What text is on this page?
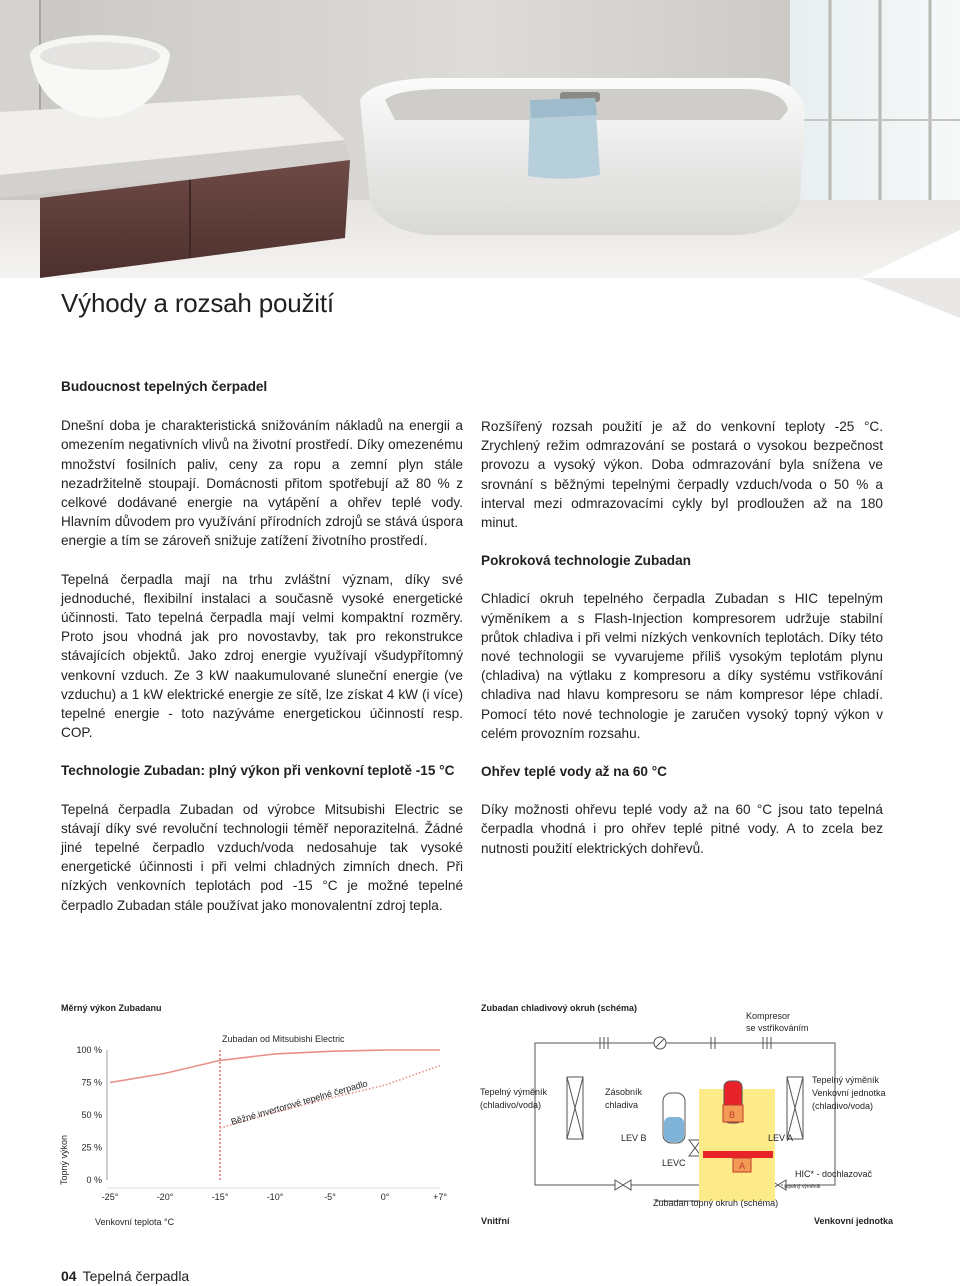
Výhody a rozsah použití
Budoucnost tepelných čerpadel

Dnešní doba je charakteristická snižováním nákladů na energii a omezením negativních vlivů na životní prostředí. Díky omezenému množství fosilních paliv, ceny za ropu a zemní plyn stále nezadržitelně stoupají. Domácnosti přitom spotřebují až 80 % z celkové dodávané energie na vytápění a ohřev teplé vody. Hlavním důvodem pro využívání přírodních zdrojů se stává úspora energie a tím se zároveň snižuje zatížení životního prostředí.

Tepelná čerpadla mají na trhu zvláštní význam, díky své jednoduché, flexibilní instalaci a současně vysoké energetické účinnosti. Tato tepelná čerpadla mají velmi kompaktní rozměry. Proto jsou vhodná jak pro novostavby, tak pro rekonstrukce stávajících objektů. Jako zdroj energie využívají všudypřítomný venkovní vzduch. Ze 3 kW naakumulované sluneční energie (ve vzduchu) a 1 kW elektrické energie ze sítě, lze získat 4 kW (i více) tepelné energie - toto nazýváme energetickou účinností resp. COP.

Technologie Zubadan: plný výkon při venkovní teplotě -15 °C

Tepelná čerpadla Zubadan od výrobce Mitsubishi Electric se stávají díky své revoluční technologii téměř neporazitelná. Žádné jiné tepelné čerpadlo vzduch/voda nedosahuje tak vysoké energetické účinnosti i při velmi chladných zimních dnech. Při nízkých venkovních teplotách pod -15 °C je možné tepelné čerpadlo Zubadan stále používat jako monovalentní zdroj tepla.

Rozšířený rozsah použití je až do venkovní teploty -25 °C. Zrychlený režim odmrazování se postará o vysokou bezpečnost provozu a vysoký výkon. Doba odmrazování byla snížena ve srovnání s běžnými tepelnými čerpadly vzduch/voda o 50 % a interval mezi odmrazovacími cykly byl prodloužen až na 180 minut.

Pokroková technologie Zubadan

Chladicí okruh tepelného čerpadla Zubadan s HIC tepelným výměníkem a s Flash-Injection kompresorem udržuje stabilní průtok chladiva i při velmi nízkých venkovních teplotách. Díky této nové technologii se vyvarujeme příliš vysokým teplotám plynu (chladiva) na výtlaku z kompresoru a díky systému vstřikování chladiva nad hlavu kompresoru se nám kompresor lépe chladí. Pomocí této nové technologie je zaručen vysoký topný výkon v celém provozním rozsahu.

Ohřev teplé vody až na 60 °C

Díky možnosti ohřevu teplé vody až na 60 °C jsou tato tepelná čerpadla vhodná i pro ohřev teplé pitné vody. A to zcela bez nutnosti použití elektrických dohřevů.

Měrný výkon Zubadanu
0 %
25 %
50 %
75 %
100 %
-25°	-20°	-15°	-10°	-5°	0°	+7°
Zubadan od Mitsubishi Electric
Běžné invertorové tepelné čerpadlo
Venkovní teplota °C
Topný výkon
Zubadan chladivový okruh (schéma)
Kompresor
se vstřikováním
Tepelný výměník
(chladivo/voda)
Zásobník
chladiva
Tepelný výměník
Venkovní jednotka
(chladivo/voda)
LEV B	LEV A
LEVC
HIC* - dochlazovač
* tepelný výměník
Zubadan topný okruh (schéma)
B
A
Vnitřní	Venkovní jednotka
04 Tepelná čerpadla
